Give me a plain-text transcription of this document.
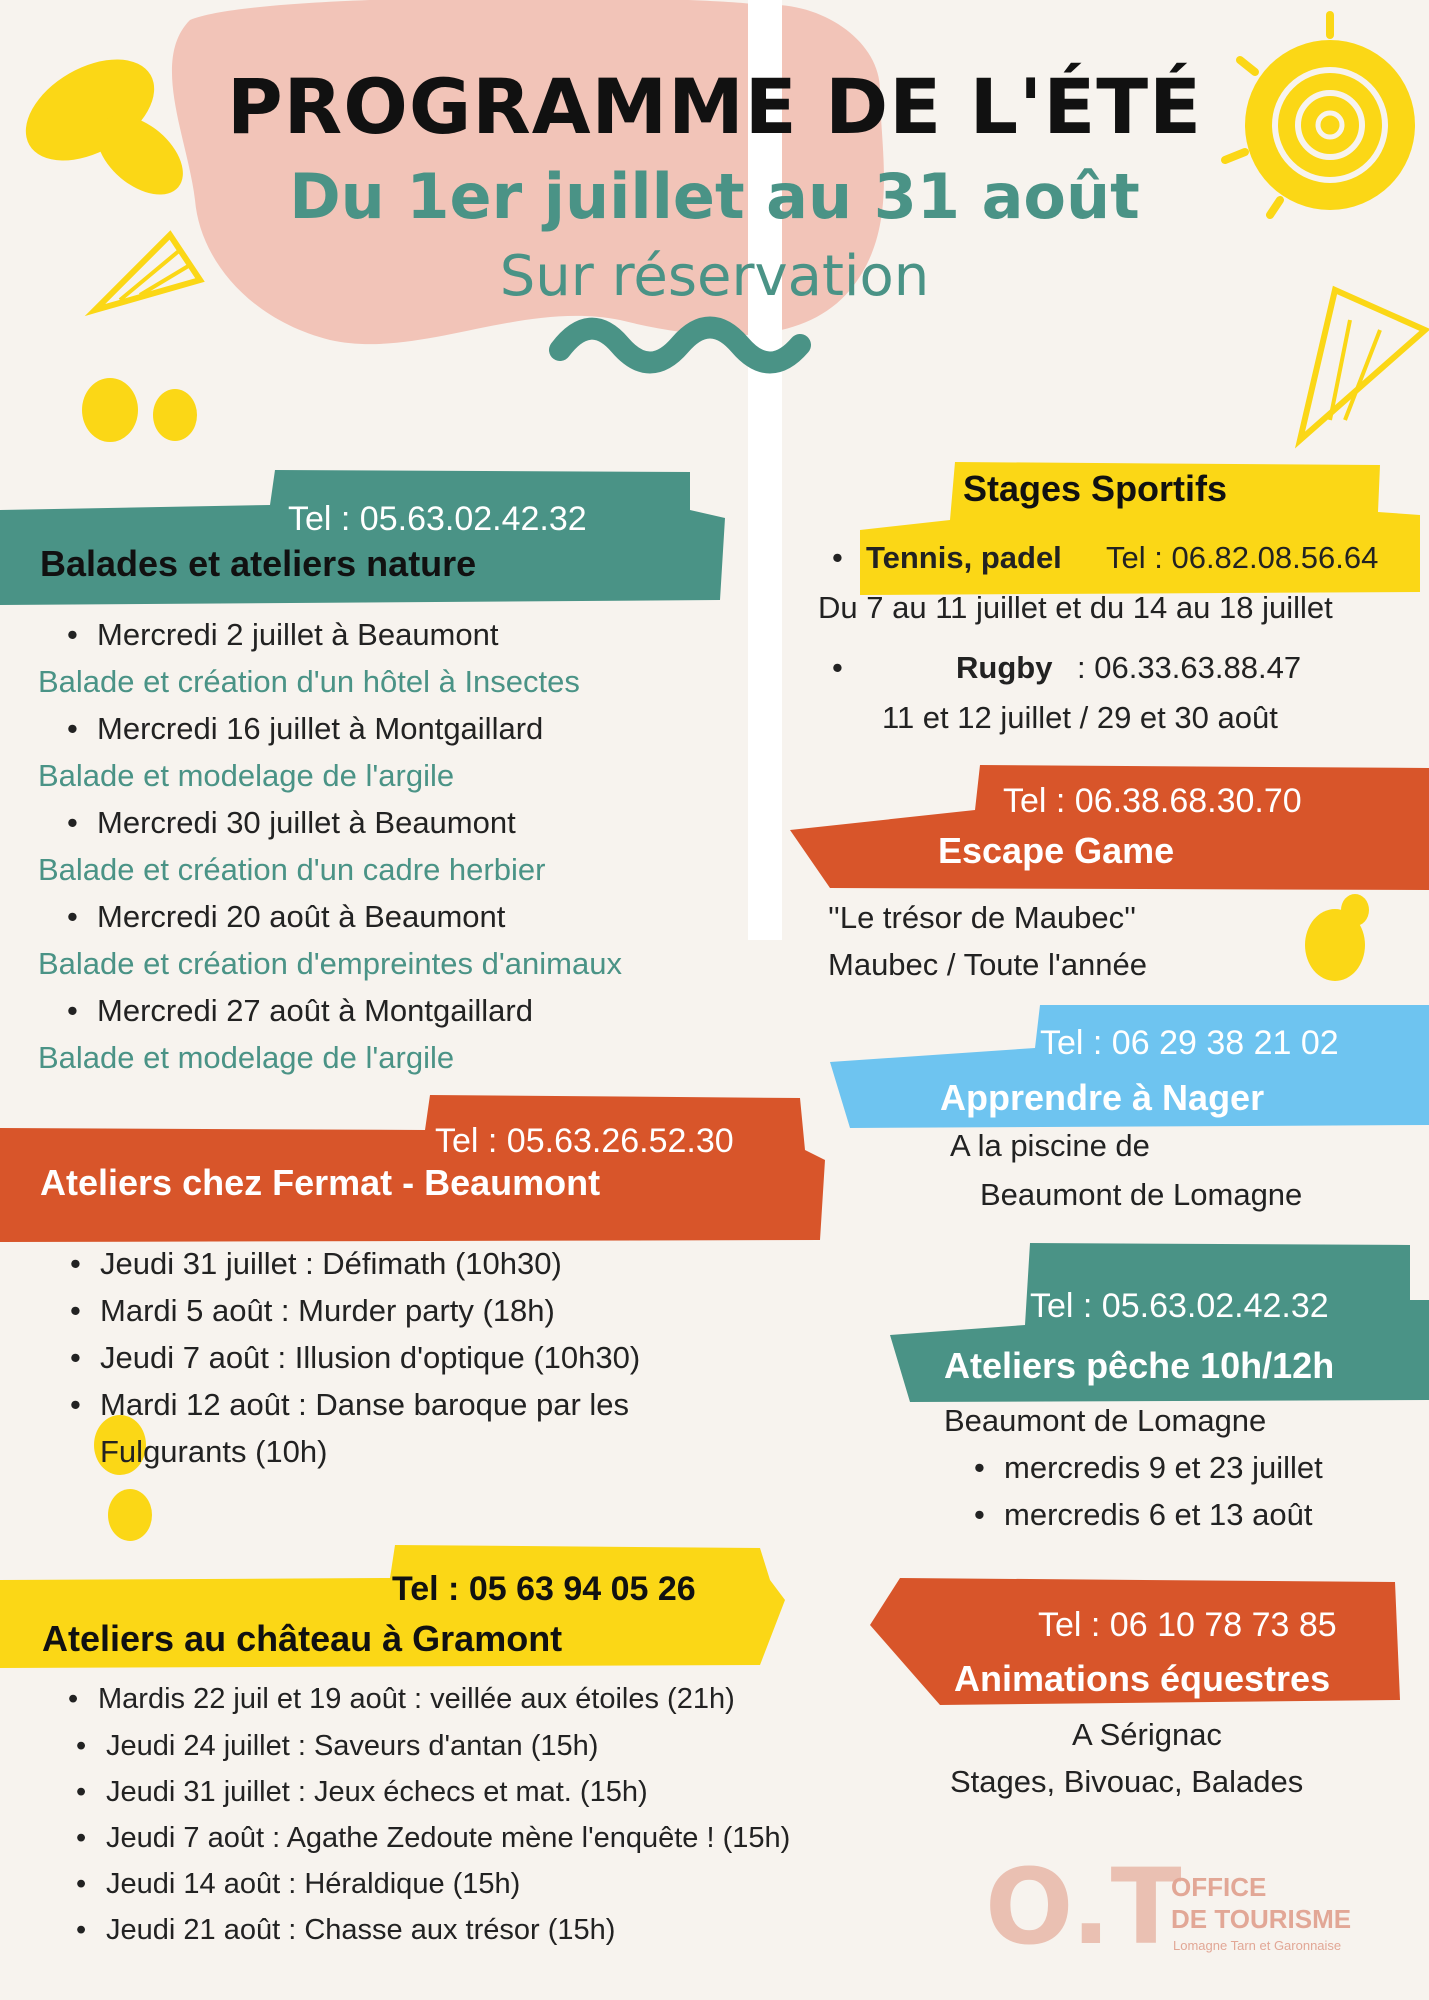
PROGRAMME DE L'ÉTÉ
Du 1er juillet au 31 août
Sur réservation
Tel : 05.63.02.42.32
Balades et ateliers nature
• Mercredi 2 juillet à Beaumont
Balade et création d'un hôtel à Insectes
• Mercredi 16 juillet à Montgaillard
Balade et modelage de l'argile
• Mercredi 30 juillet à Beaumont
Balade et création d'un cadre herbier
• Mercredi 20 août à Beaumont
Balade et création d'empreintes d'animaux
• Mercredi 27 août à Montgaillard
Balade et modelage de l'argile
Tel : 05.63.26.52.30
Ateliers chez Fermat - Beaumont
• Jeudi 31 juillet : Défimath (10h30)
• Mardi 5 août : Murder party (18h)
• Jeudi 7 août : Illusion d'optique (10h30)
• Mardi 12 août : Danse baroque par les
Fulgurants (10h)
Tel : 05 63 94 05 26
Ateliers au château à Gramont
• Mardis 22 juil et 19 août : veillée aux étoiles (21h)
• Jeudi 24 juillet : Saveurs d'antan (15h)
• Jeudi 31 juillet : Jeux échecs et mat. (15h)
• Jeudi 7 août : Agathe Zedoute mène l'enquête ! (15h)
• Jeudi 14 août : Héraldique (15h)
• Jeudi 21 août : Chasse aux trésor (15h)
Stages Sportifs
• Tennis, padel Tel : 06.82.08.56.64
Du 7 au 11 juillet et du 14 au 18 juillet
•	Rugby : 06.33.63.88.47
11 et 12 juillet / 29 et 30 août
Tel : 06.38.68.30.70
Escape Game
''Le trésor de Maubec''
Maubec / Toute l'année
Tel : 06 29 38 21 02
Apprendre à Nager
A la piscine de
Beaumont de Lomagne
Tel : 05.63.02.42.32
Ateliers pêche 10h/12h
Beaumont de Lomagne
• mercredis 9 et 23 juillet
• mercredis 6 et 13 août
Tel : 06 10 78 73 85
Animations équestres
A Sérignac
Stages, Bivouac, Balades
O.T
OFFICE
DE TOURISME
Lomagne Tarn et Garonnaise
